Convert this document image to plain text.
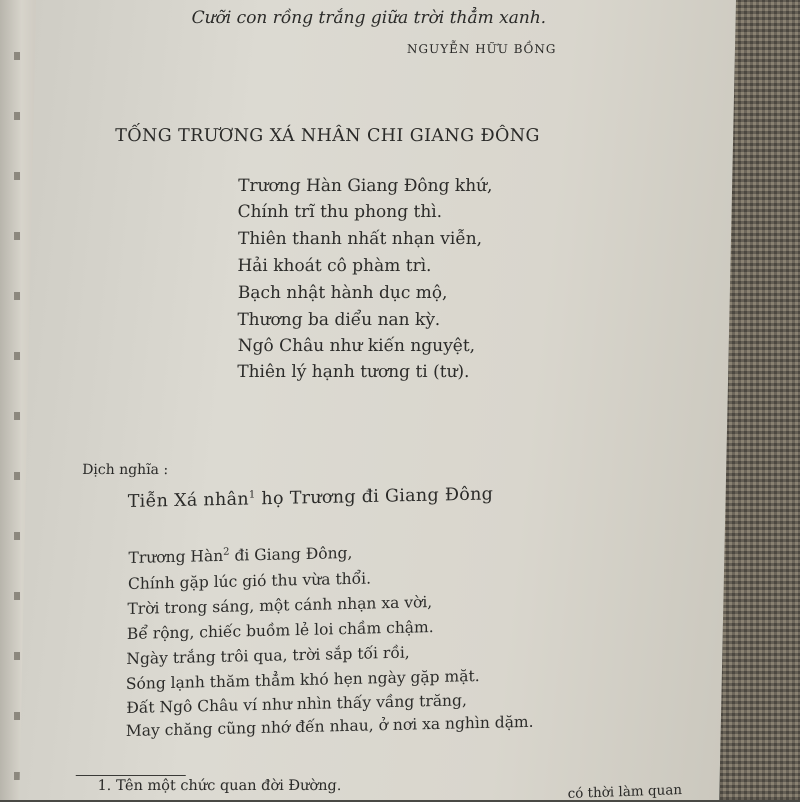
Cưỡi con rồng trắng giữa trời thẳm xanh.
NGUYỄN HỮU BỒNG
TỐNG TRƯƠNG XÁ NHÂN CHI GIANG ĐÔNG
Trương Hàn Giang Đông khứ,
Chính trĩ thu phong thì.
Thiên thanh nhất nhạn viễn,
Hải khoát cô phàm trì.
Bạch nhật hành dục mộ,
Thương ba diểu nan kỳ.
Ngô Châu như kiến nguyệt,
Thiên lý hạnh tương ti (tư).
Dịch nghĩa :
Tiễn Xá nhân$^1$ họ Trương đi Giang Đông
Trương Hàn$^2$ đi Giang Đông,
Chính gặp lúc gió thu vừa thổi.
Trời trong sáng, một cánh nhạn xa vời,
Bể rộng, chiếc buồm lẻ loi chầm chậm.
Ngày trắng trôi qua, trời sắp tối rồi,
Sóng lạnh thăm thẳm khó hẹn ngày gặp mặt.
Đất Ngô Châu ví như nhìn thấy vầng trăng,
May chăng cũng nhớ đến nhau, ở nơi xa nghìn dặm.
1. Tên một chức quan đời Đường.	có thời làm quan
